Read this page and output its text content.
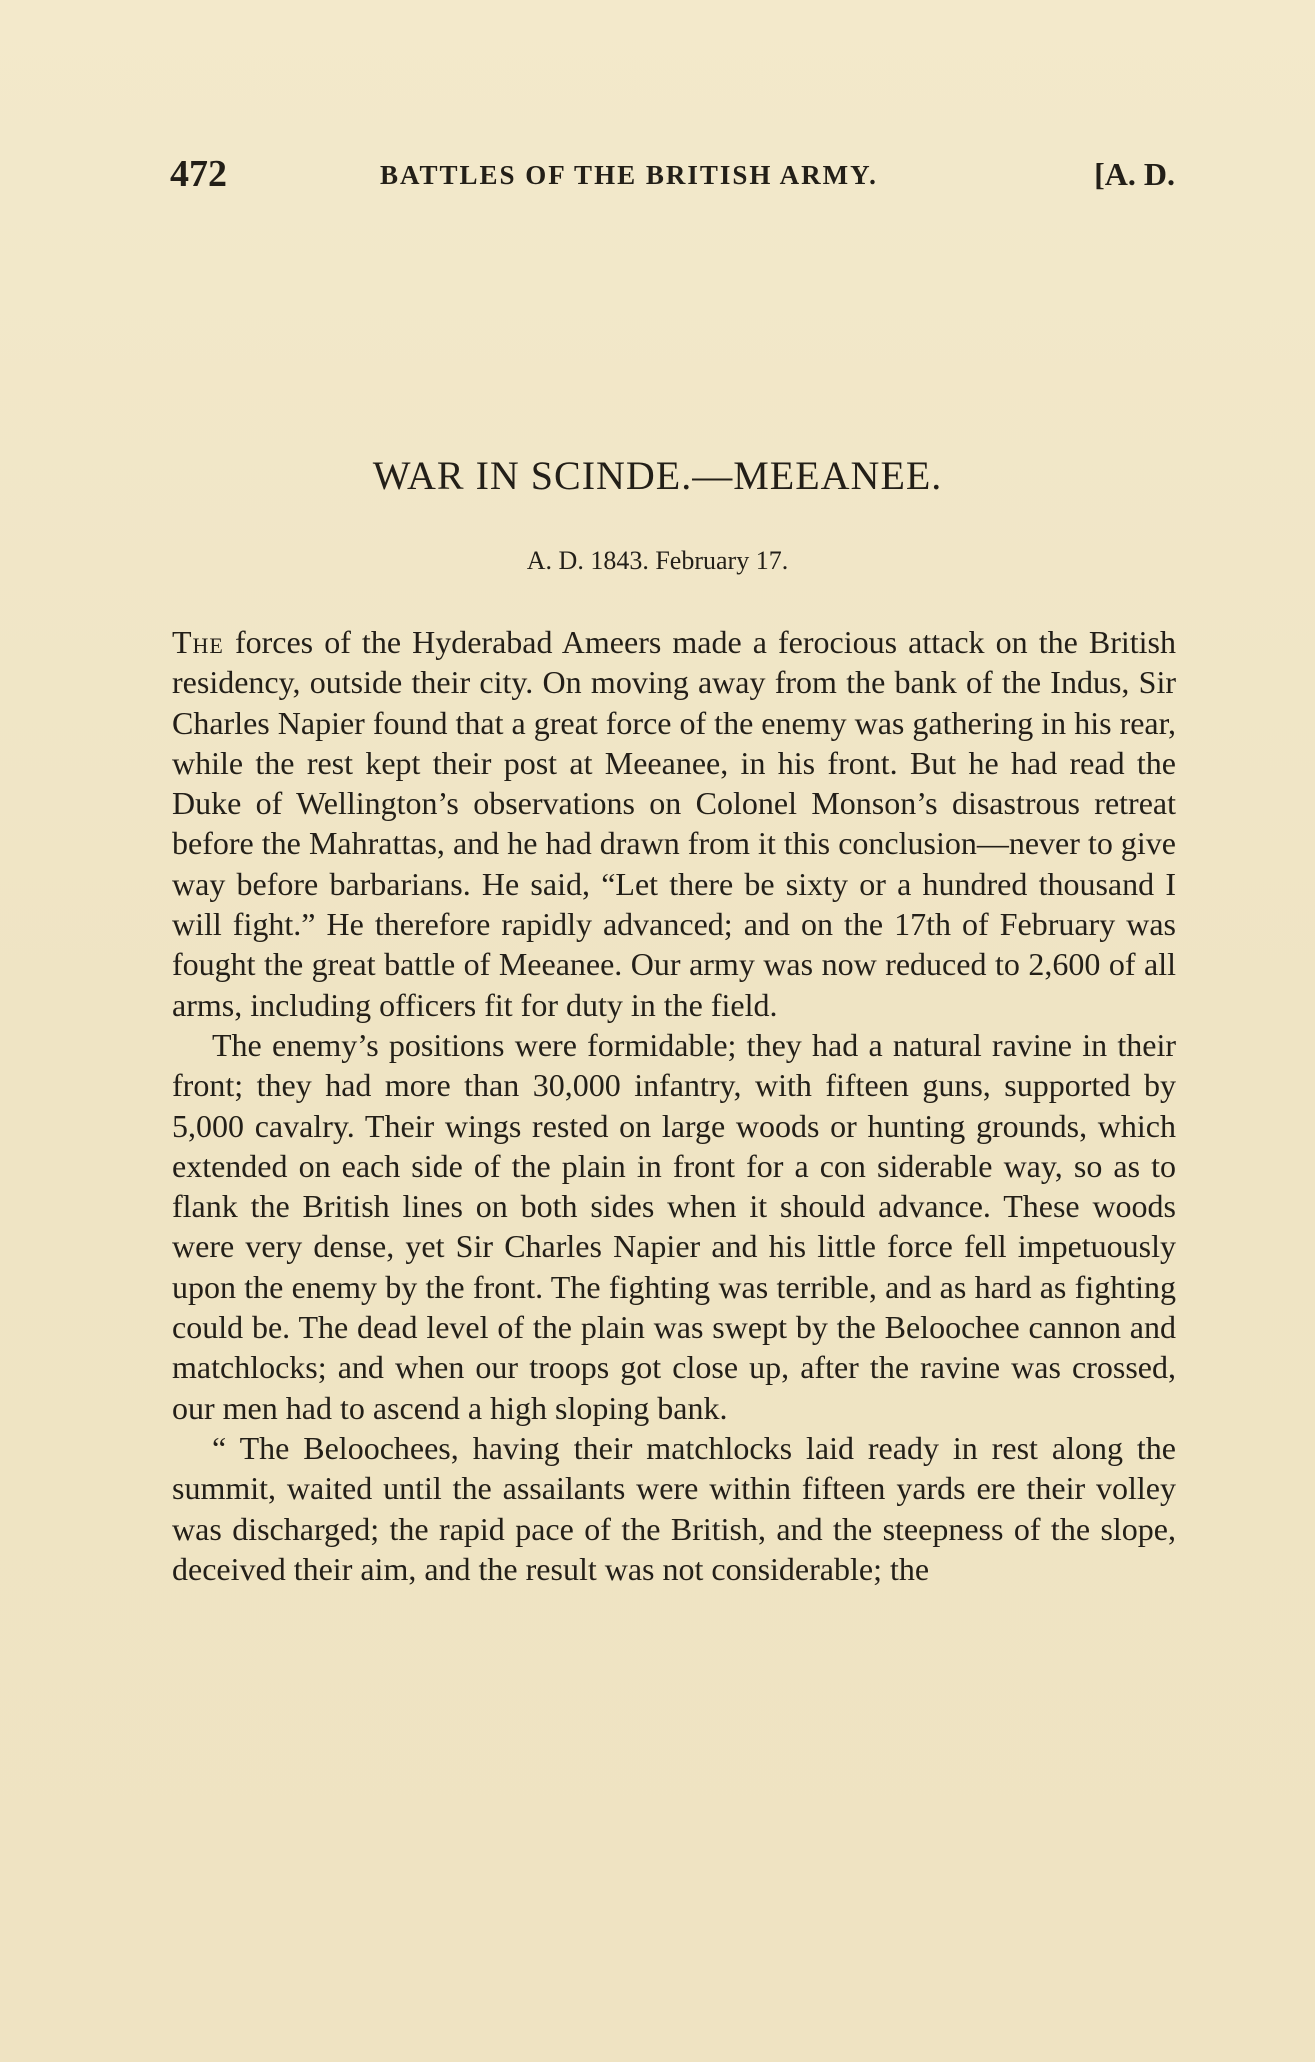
472	BATTLES OF THE BRITISH ARMY.	[A. D.
WAR IN SCINDE.—MEEANEE.
A. D. 1843. February 17.

The forces of the Hyderabad Ameers made a ferocious attack on the British residency, outside their city. On moving away from the bank of the Indus, Sir Charles Napier found that a great force of the enemy was gathering in his rear, while the rest kept their post at Meeanee, in his front. But he had read the Duke of Wellington’s observations on Colonel Monson’s disastrous retreat before the Mahrattas, and he had drawn from it this conclusion—never to give way before barbarians. He said, “Let there be sixty or a hundred thousand I will fight.” He therefore rapidly advanced; and on the 17th of February was fought the great battle of Meeanee. Our army was now reduced to 2,600 of all arms, including officers fit for duty in the field.

The enemy’s positions were formidable; they had a natural ravine in their front; they had more than 30,000 infantry, with fifteen guns, supported by 5,000 cavalry. Their wings rested on large woods or hunting grounds, which extended on each side of the plain in front for a con siderable way, so as to flank the British lines on both sides when it should advance. These woods were very dense, yet Sir Charles Napier and his little force fell impetuously upon the enemy by the front. The fighting was terrible, and as hard as fighting could be. The dead level of the plain was swept by the Beloochee cannon and matchlocks; and when our troops got close up, after the ravine was crossed, our men had to ascend a high sloping bank.

“ The Beloochees, having their matchlocks laid ready in rest along the summit, waited until the assailants were within fifteen yards ere their volley was discharged; the rapid pace of the British, and the steepness of the slope, deceived their aim, and the result was not considerable; the
